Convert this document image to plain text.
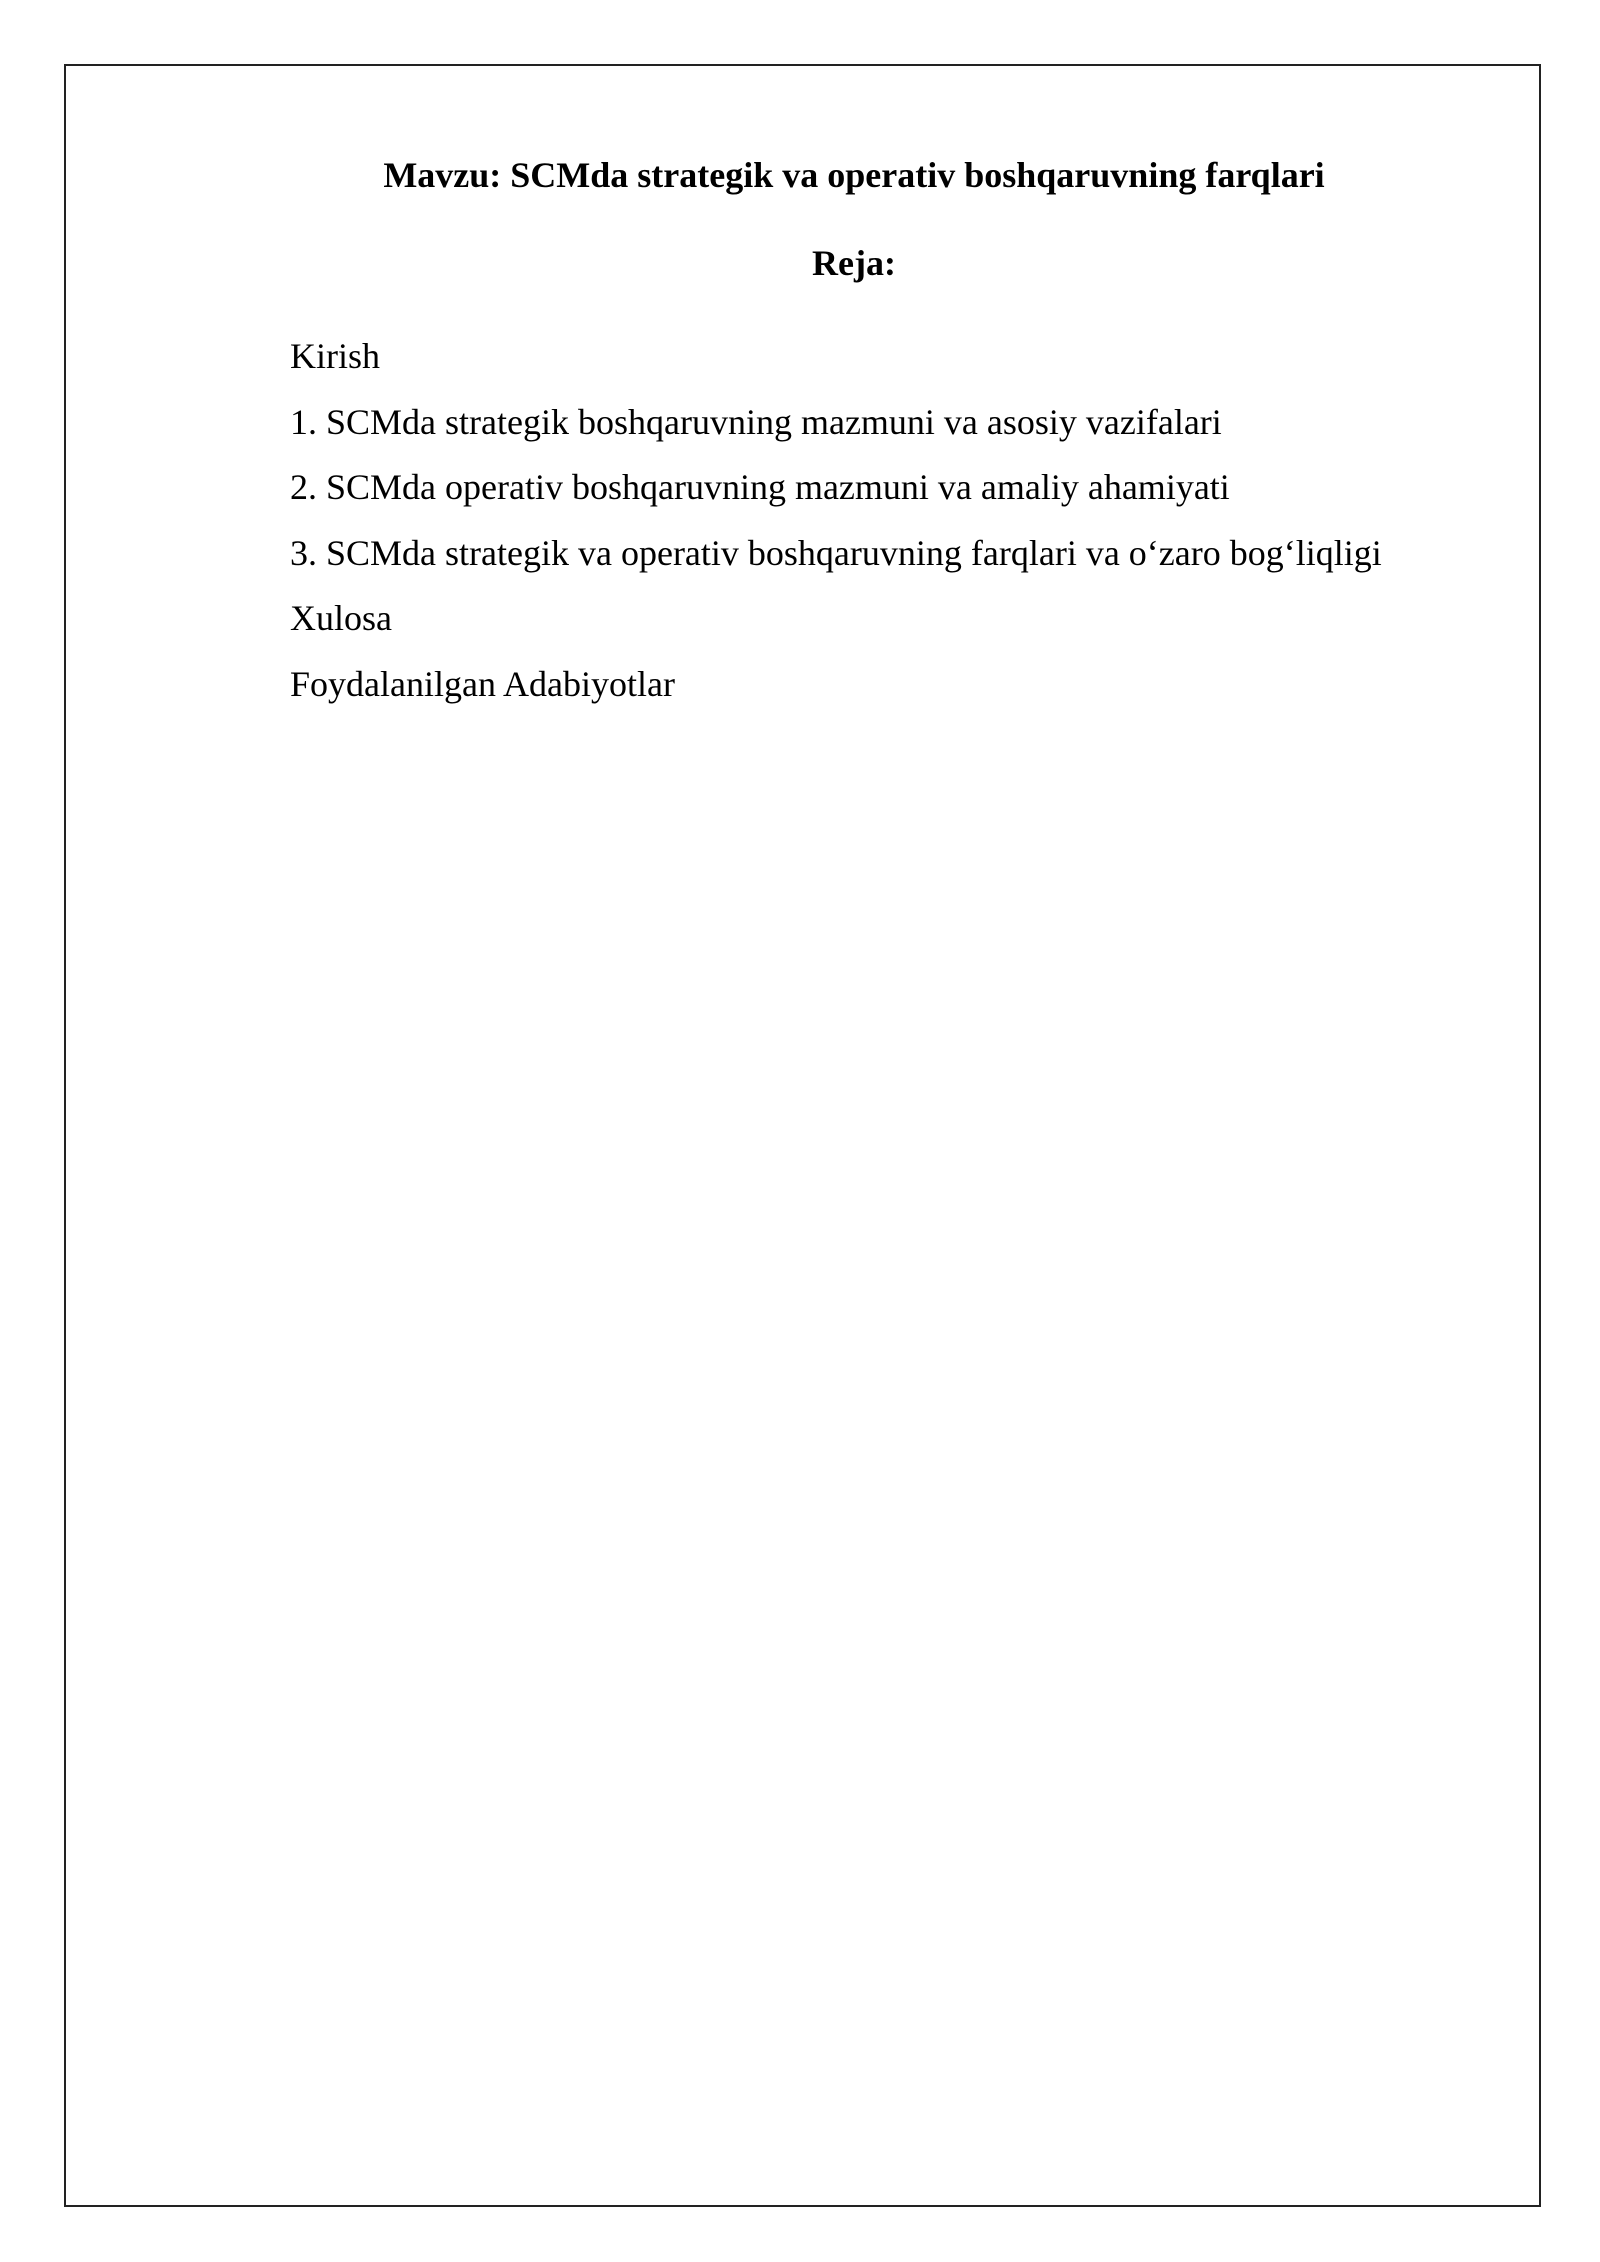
Mavzu: SCMda strategik va operativ boshqaruvning farqlari
Reja:
Kirish
1. SCMda strategik boshqaruvning mazmuni va asosiy vazifalari
2. SCMda operativ boshqaruvning mazmuni va amaliy ahamiyati
3. SCMda strategik va operativ boshqaruvning farqlari va o‘zaro bog‘liqligi
Xulosa
Foydalanilgan Adabiyotlar
